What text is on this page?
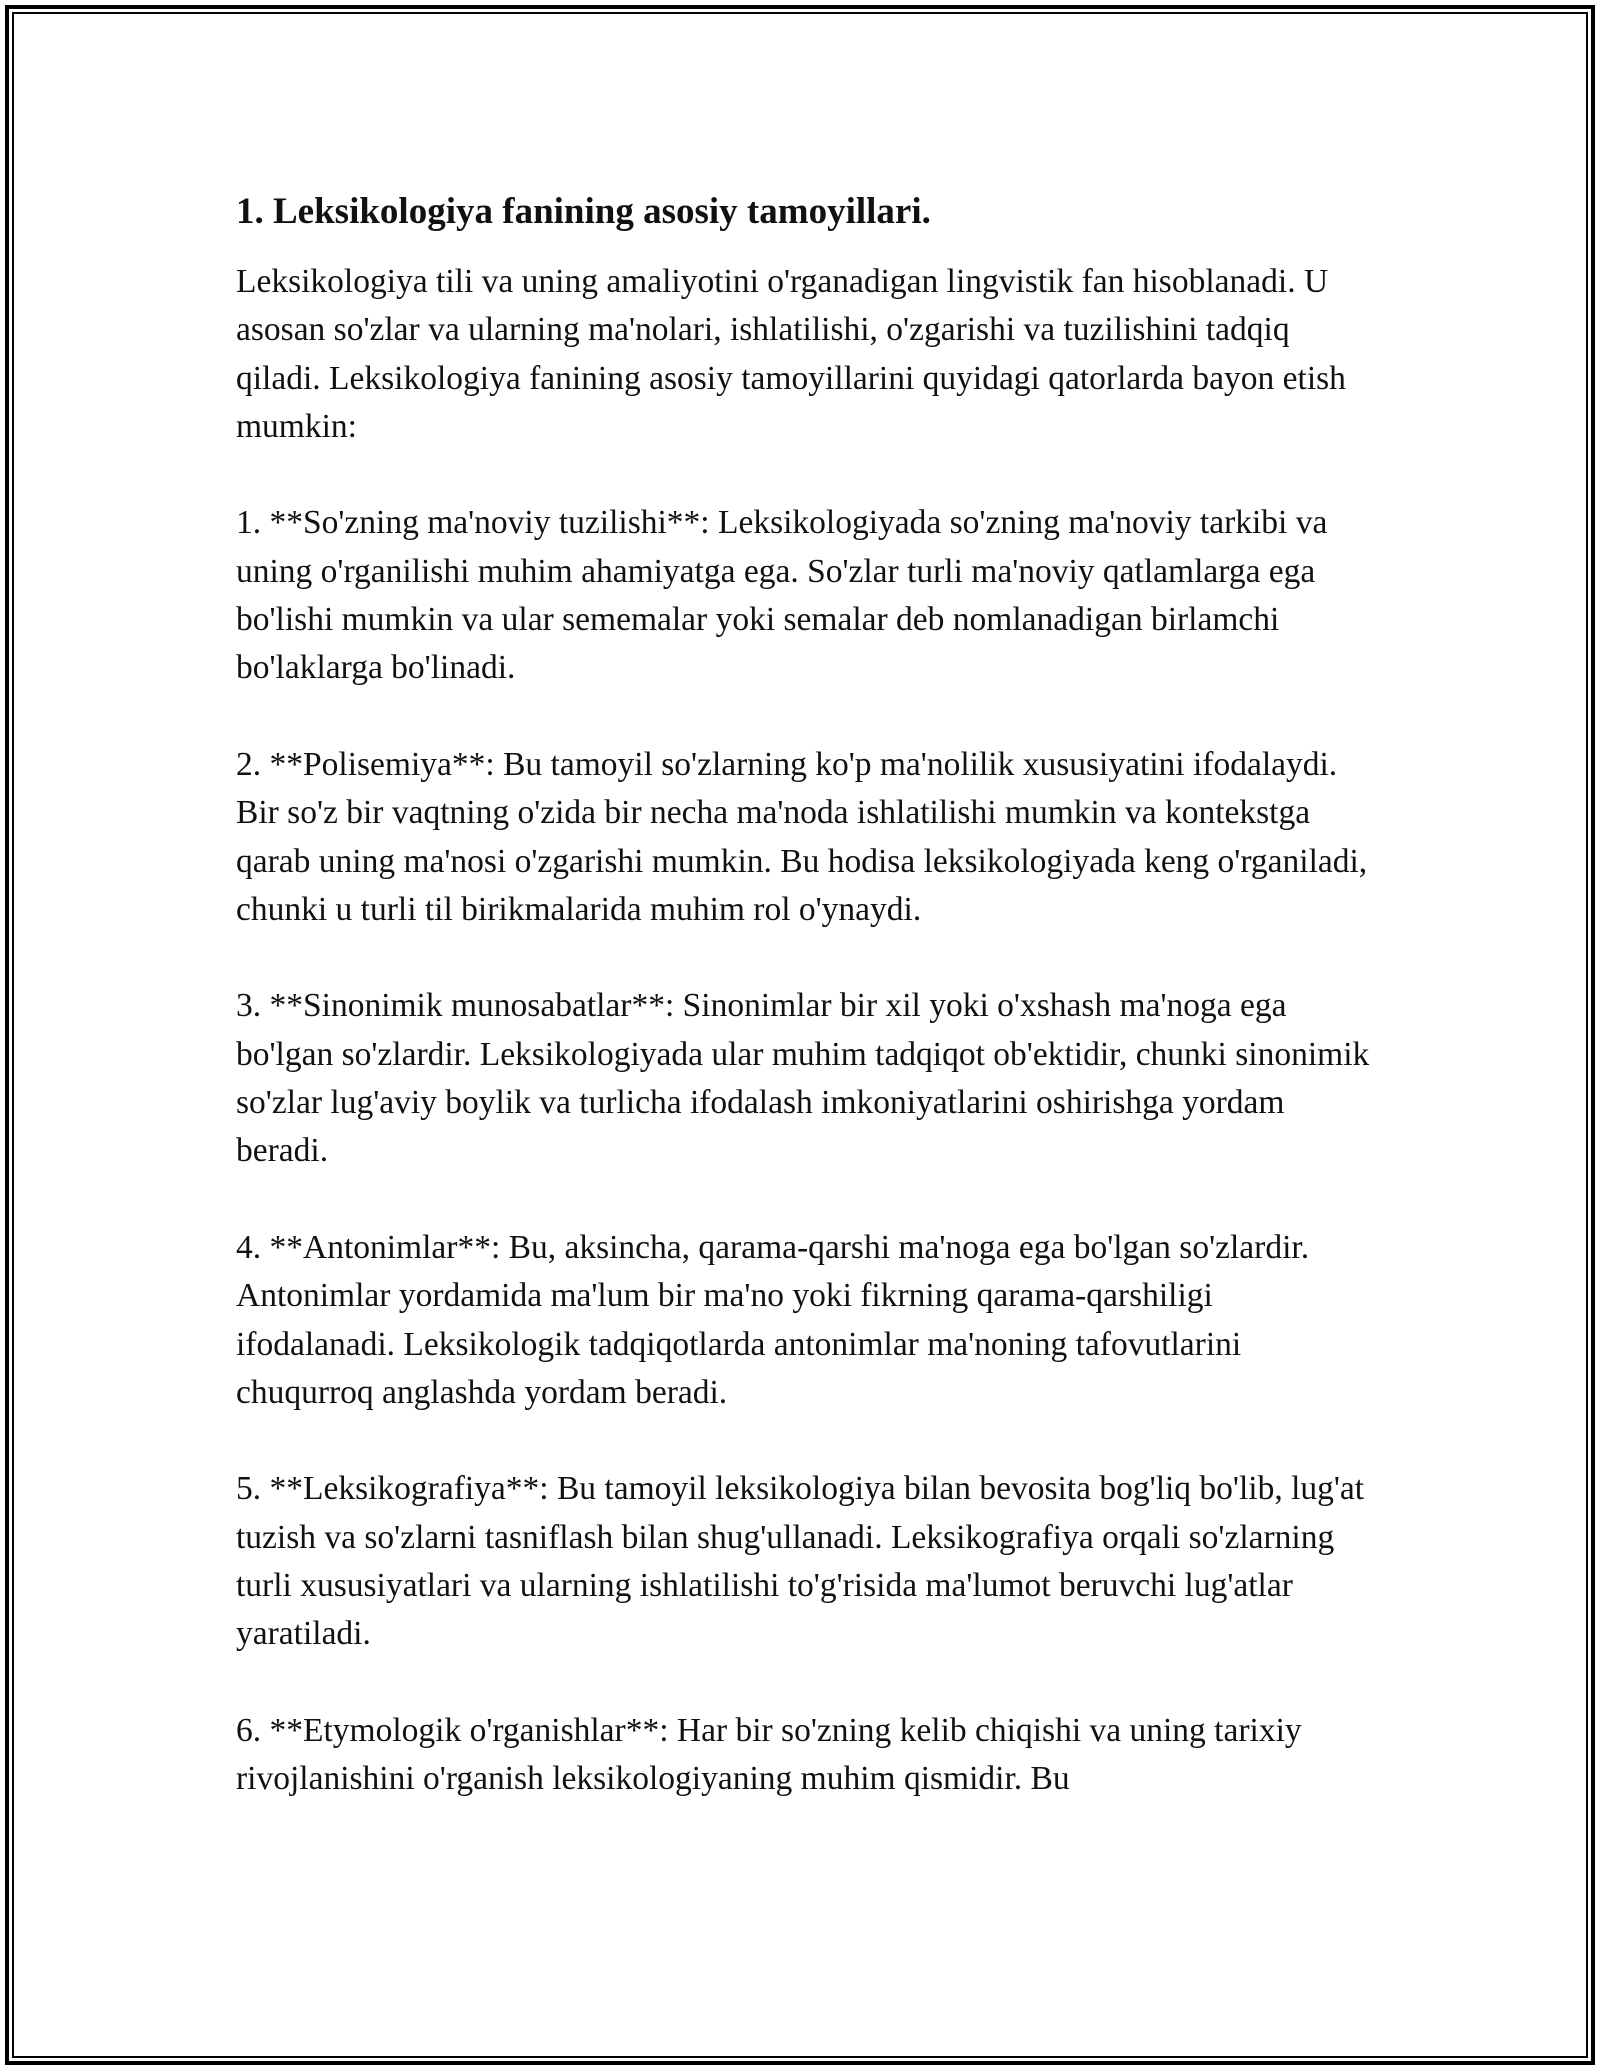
1. Leksikologiya fanining asosiy tamoyillari.
Leksikologiya tili va uning amaliyotini o'rganadigan lingvistik fan hisoblanadi. U asosan so'zlar va ularning ma'nolari, ishlatilishi, o'zgarishi va tuzilishini tadqiq qiladi. Leksikologiya fanining asosiy tamoyillarini quyidagi qatorlarda bayon etish mumkin:
1. **So'zning ma'noviy tuzilishi**: Leksikologiyada so'zning ma'noviy tarkibi va uning o'rganilishi muhim ahamiyatga ega. So'zlar turli ma'noviy qatlamlarga ega bo'lishi mumkin va ular sememalar yoki semalar deb nomlanadigan birlamchi bo'laklarga bo'linadi.
2. **Polisemiya**: Bu tamoyil so'zlarning ko'p ma'nolilik xususiyatini ifodalaydi. Bir so'z bir vaqtning o'zida bir necha ma'noda ishlatilishi mumkin va kontekstga qarab uning ma'nosi o'zgarishi mumkin. Bu hodisa leksikologiyada keng o'rganiladi, chunki u turli til birikmalarida muhim rol o'ynaydi.
3. **Sinonimik munosabatlar**: Sinonimlar bir xil yoki o'xshash ma'noga ega bo'lgan so'zlardir. Leksikologiyada ular muhim tadqiqot ob'ektidir, chunki sinonimik so'zlar lug'aviy boylik va turlicha ifodalash imkoniyatlarini oshirishga yordam beradi.
4. **Antonimlar**: Bu, aksincha, qarama-qarshi ma'noga ega bo'lgan so'zlardir. Antonimlar yordamida ma'lum bir ma'no yoki fikrning qarama-qarshiligi ifodalanadi. Leksikologik tadqiqotlarda antonimlar ma'noning tafovutlarini chuqurroq anglashda yordam beradi.
5. **Leksikografiya**: Bu tamoyil leksikologiya bilan bevosita bog'liq bo'lib, lug'at tuzish va so'zlarni tasniflash bilan shug'ullanadi. Leksikografiya orqali so'zlarning turli xususiyatlari va ularning ishlatilishi to'g'risida ma'lumot beruvchi lug'atlar yaratiladi.
6. **Etymologik o'rganishlar**: Har bir so'zning kelib chiqishi va uning tarixiy rivojlanishini o'rganish leksikologiyaning muhim qismidir. Bu
